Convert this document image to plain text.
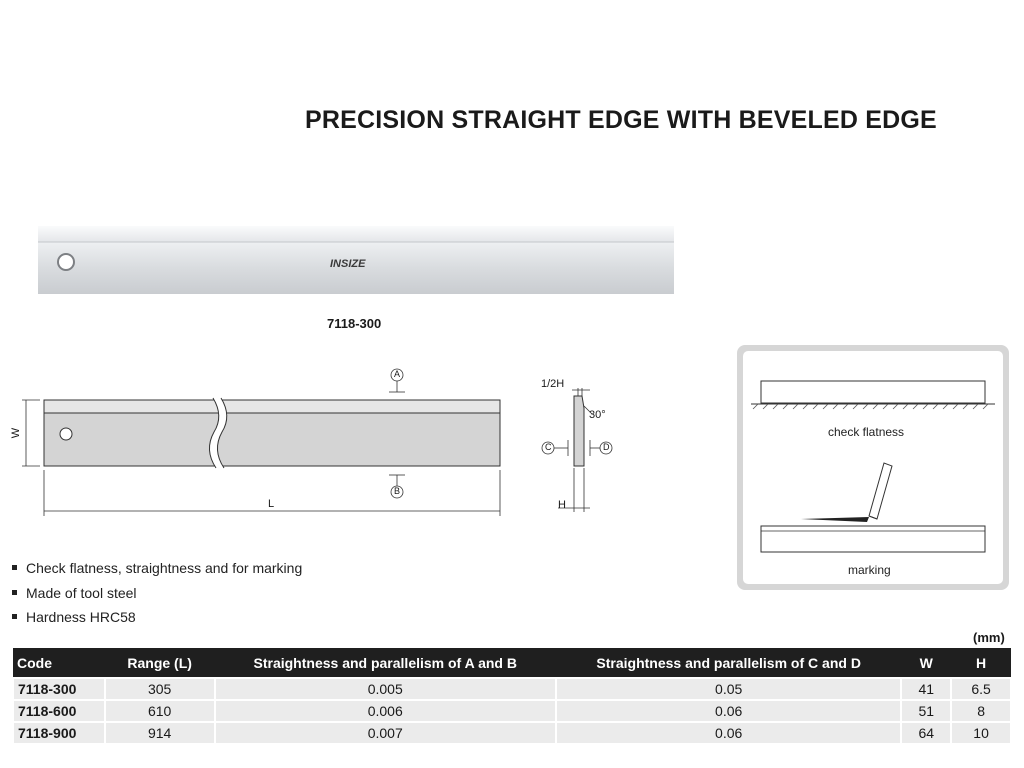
PRECISION STRAIGHT EDGE WITH BEVELED EDGE
INSIZE
7118-300
W
L
A
B
C	D
1/2H
30°
H
check flatness
marking
Check flatness, straightness and for marking
Made of tool steel
Hardness HRC58
(mm)
Code	Range (L)	Straightness and parallelism of A and B	Straightness and parallelism of C and D	W	H
7118-300	305	0.005	0.05	41	6.5
7118-600	610	0.006	0.06	51	8
7118-900	914	0.007	0.06	64	10
